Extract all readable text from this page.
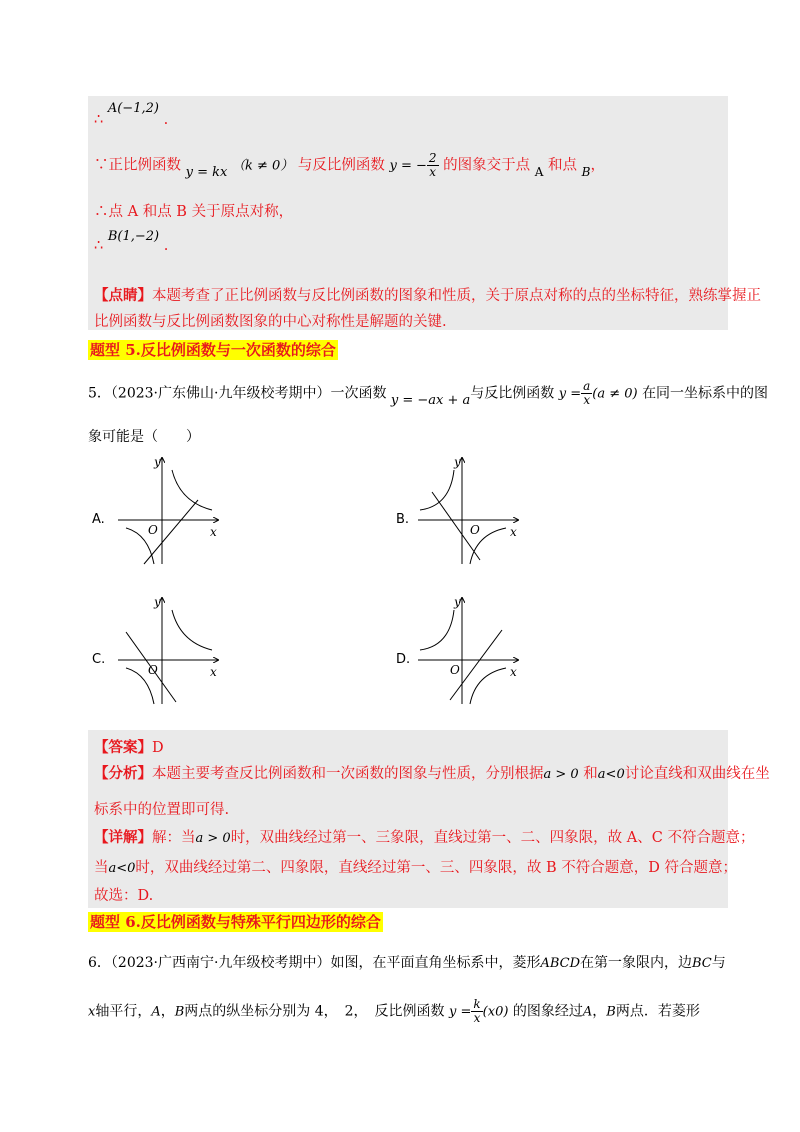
∴ A(−1,2) .
∵正比例函数 y = kx （k ≠ 0） 与反比例函数 y = − $\frac{2}{x}$ 的图象交于点 $_A$ 和点 $_B$，
∴点 A 和点 B 关于原点对称，
∴ B(1,−2) .
【点睛】本题考查了正比例函数与反比例函数的图象和性质，关于原点对称的点的坐标特征，熟练掌握正
比例函数与反比例函数图象的中心对称性是解题的关键.
题型 5.反比例函数与一次函数的综合
5．（2023·广东佛山·九年级校考期中）一次函数 y = −ax + a与反比例函数 $y = \frac{a}{x} (a \ne 0)$ 在同一坐标系中的图
象可能是（　　）
A.	B.
C.	D.
y
x
O
y
x
O
y
x
O
y
x
O
【答案】D
【分析】本题主要考查反比例函数和一次函数的图象与性质，分别根据a > 0 和a<0讨论直线和双曲线在坐
标系中的位置即可得.
【详解】解：当a > 0时，双曲线经过第一、三象限，直线过第一、二、四象限，故 A、C 不符合题意；
当a<0时，双曲线经过第二、四象限，直线经过第一、三、四象限，故 B 不符合题意，D 符合题意；
故选：D.
题型 6.反比例函数与特殊平行四边形的综合
6．（2023·广西南宁·九年级校考期中）如图，在平面直角坐标系中，菱形ABCD在第一象限内，边BC与
x轴平行，A，B两点的纵坐标分别为 4，　2，　反比例函数 $y = \frac{k}{x} (x0)$ 的图象经过A，B两点．若菱形
